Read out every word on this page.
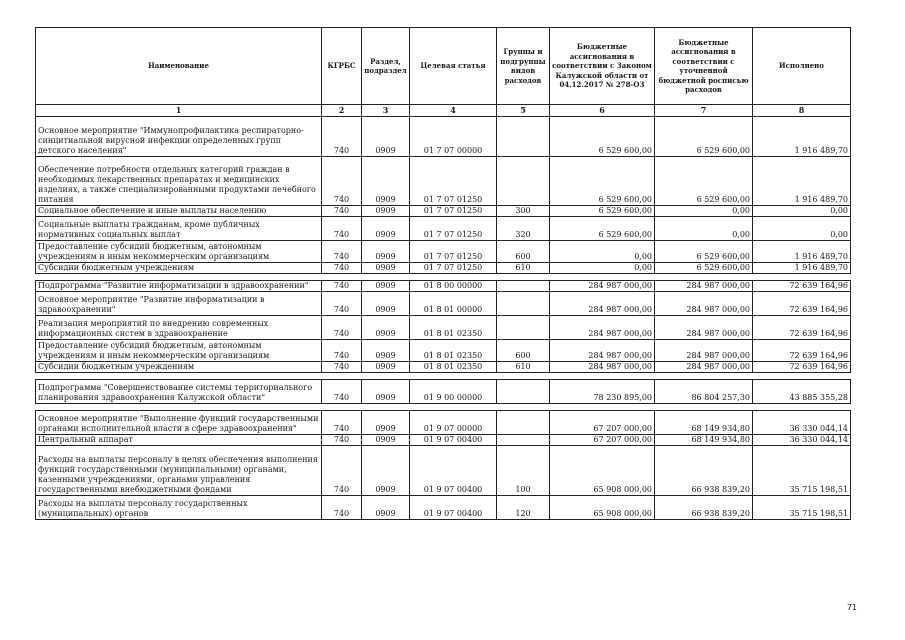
Наименование	КГРБС	Раздел, подраздел	Целевая статья	Группы и подгруппы видов расходов	Бюджетные ассигнования в соответствии с Законом Калужской области от 04.12.2017 № 278-ОЗ	Бюджетные ассигнования в соответствии с уточненной бюджетной росписью расходов	Исполнено
1	2	3	4	5	6	7	8
Основное мероприятие "Иммунопрофилактика респираторно-синцитиальной вирусной инфекции определенных групп детского населения"	740	0909	01 7 07 00000		6 529 600,00	6 529 600,00	1 916 489,70
Обеспечение потребности отдельных категорий граждан в необходимых лекарственных препаратах и медицинских изделиях, а также специализированными продуктами лечебного питания	740	0909	01 7 07 01250		6 529 600,00	6 529 600,00	1 916 489,70
Социальное обеспечение и иные выплаты населению	740	0909	01 7 07 01250	300	6 529 600,00	0,00	0,00
Социальные выплаты гражданам, кроме публичных нормативных социальных выплат	740	0909	01 7 07 01250	320	6 529 600,00	0,00	0,00
Предоставление субсидий бюджетным, автономным учреждениям и иным некоммерческим организациям	740	0909	01 7 07 01250	600	0,00	6 529 600,00	1 916 489,70
Субсидии бюджетным учреждениям	740	0909	01 7 07 01250	610	0,00	6 529 600,00	1 916 489,70

Подпрограмма "Развитие информатизации в здравоохранении"	740	0909	01 8 00 00000		284 987 000,00	284 987 000,00	72 639 164,96
Основное мероприятие "Развитие информатизации в здравоохранении"	740	0909	01 8 01 00000		284 987 000,00	284 987 000,00	72 639 164,96
Реализация мероприятий по внедрению современных информационных систем в здравоохранение	740	0909	01 8 01 02350		284 987 000,00	284 987 000,00	72 639 164,96
Предоставление субсидий бюджетным, автономным учреждениям и иным некоммерческим организациям	740	0909	01 8 01 02350	600	284 987 000,00	284 987 000,00	72 639 164,96
Субсидии бюджетным учреждениям	740	0909	01 8 01 02350	610	284 987 000,00	284 987 000,00	72 639 164,96

Подпрограмма "Совершенствование системы территориального планирования здравоохранения Калужской области"	740	0909	01 9 00 00000		78 230 895,00	86 804 257,30	43 885 355,28

Основное мероприятие "Выполнение функций государственными органами исполнительной власти в сфере здравоохранения"	740	0909	01 9 07 00000		67 207 000,00	68 149 934,80	36 330 044,14
Центральный аппарат	740	0909	01 9 07 00400		67 207 000,00	68 149 934,80	36 330 044,14
Расходы на выплаты персоналу в целях обеспечения выполнения функций государственными (муниципальными) органами, казенными учреждениями, органами управления государственными внебюджетными фондами	740	0909	01 9 07 00400	100	65 908 000,00	66 938 839,20	35 715 198,51
Расходы на выплаты персоналу государственных (муниципальных) органов	740	0909	01 9 07 00400	120	65 908 000,00	66 938 839,20	35 715 198,51
71
